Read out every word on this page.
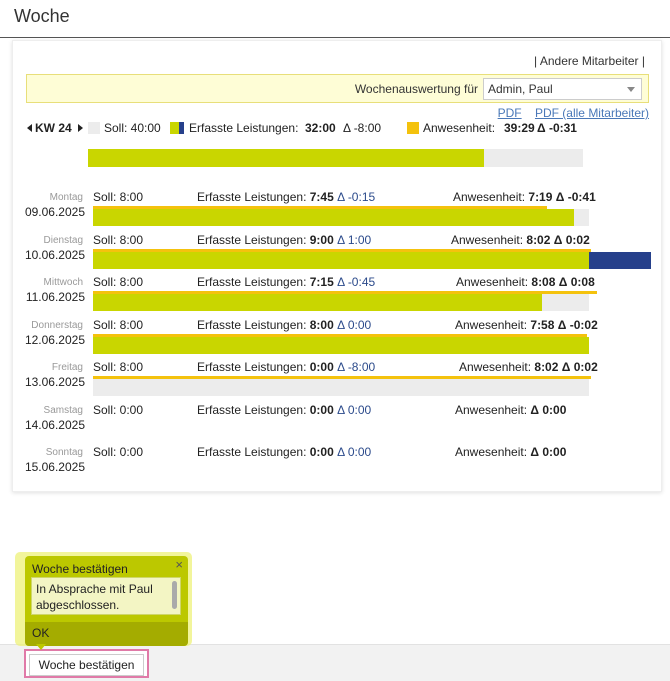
Woche
| Andere Mitarbeiter |
Wochenauswertung für Admin, Paul
PDF PDF (alle Mitarbeiter)
KW 24	Soll: 40:00 Erfasste Leistungen: 32:00 Δ -8:00	Anwesenheit: 39:29 Δ -0:31
Montag
09.06.2025
Soll: 8:00	Erfasste Leistungen: 7:45 Δ -0:15	Anwesenheit: 7:19 Δ -0:41
Dienstag
10.06.2025
Soll: 8:00	Erfasste Leistungen: 9:00 Δ 1:00	Anwesenheit: 8:02 Δ 0:02
Mittwoch
11.06.2025
Soll: 8:00	Erfasste Leistungen: 7:15 Δ -0:45	Anwesenheit: 8:08 Δ 0:08
Donnerstag
12.06.2025
Soll: 8:00	Erfasste Leistungen: 8:00 Δ 0:00	Anwesenheit: 7:58 Δ -0:02
Freitag
13.06.2025
Soll: 8:00	Erfasste Leistungen: 0:00 Δ -8:00	Anwesenheit: 8:02 Δ 0:02
Samstag
14.06.2025
Soll: 0:00	Erfasste Leistungen: 0:00 Δ 0:00	Anwesenheit: Δ 0:00
Sonntag
15.06.2025
Soll: 0:00	Erfasste Leistungen: 0:00 Δ 0:00	Anwesenheit: Δ 0:00
Woche bestätigen
Woche bestätigen	×
In Absprache mit Paul abgeschlossen.
OK
